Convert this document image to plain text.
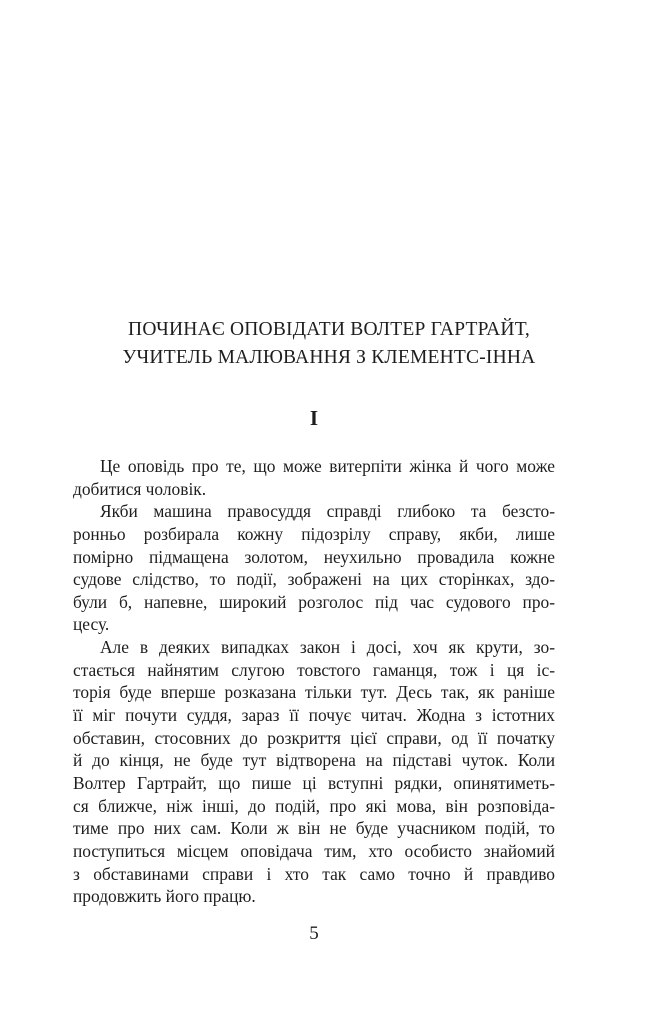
ПОЧИНАЄ ОПОВІДАТИ ВОЛТЕР ГАРТРАЙТ,
УЧИТЕЛЬ МАЛЮВАННЯ З КЛЕМЕНТС-ІННА
I
Це оповідь про те, що може витерпіти жінка й чого може
добитися чоловік.
Якби машина правосуддя справді глибоко та безсто-
ронньо розбирала кожну підозрілу справу, якби, лише
помірно підмащена золотом, неухильно провадила кожне
судове слідство, то події, зображені на цих сторінках, здо-
були б, напевне, широкий розголос під час судового про-
цесу.
Але в деяких випадках закон і досі, хоч як крути, зо-
стається найнятим слугою товстого гаманця, тож і ця іс-
торія буде вперше розказана тільки тут. Десь так, як раніше
її міг почути суддя, зараз її почує читач. Жодна з істотних
обставин, стосовних до розкриття цієї справи, од її початку
й до кінця, не буде тут відтворена на підставі чуток. Коли
Волтер Гартрайт, що пише ці вступні рядки, опинятиметь-
ся ближче, ніж інші, до подій, про які мова, він розповіда-
тиме про них сам. Коли ж він не буде учасником подій, то
поступиться місцем оповідача тим, хто особисто знайомий
з обставинами справи і хто так само точно й правдиво
продовжить його працю.
5
